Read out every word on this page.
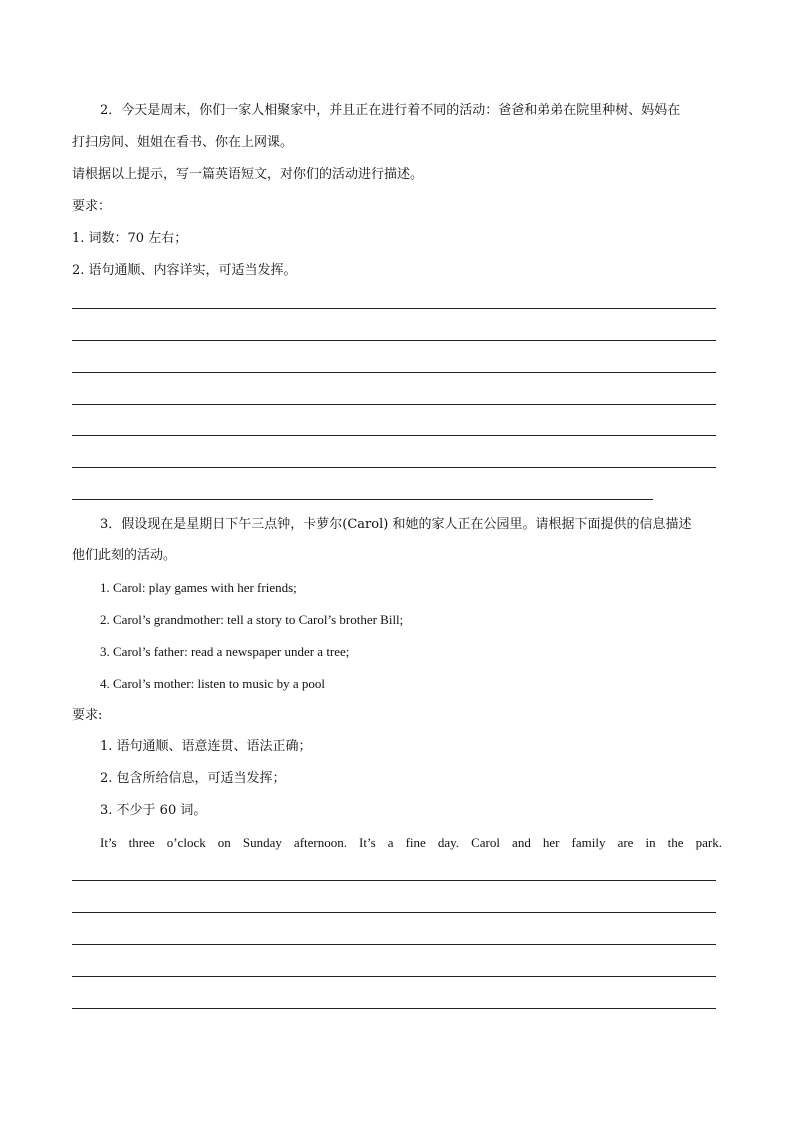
2．今天是周末，你们一家人相聚家中，并且正在进行着不同的活动：爸爸和弟弟在院里种树、妈妈在
打扫房间、姐姐在看书、你在上网课。
请根据以上提示，写一篇英语短文，对你们的活动进行描述。
要求：
1. 词数：70 左右；
2. 语句通顺、内容详实，可适当发挥。
3．假设现在是星期日下午三点钟，卡萝尔(Carol) 和她的家人正在公园里。请根据下面提供的信息描述
他们此刻的活动。
1. Carol: play games with her friends;
2. Carol’s grandmother: tell a story to Carol’s brother Bill;
3. Carol’s father: read a newspaper under a tree;
4. Carol’s mother: listen to music by a pool
要求:
1. 语句通顺、语意连贯、语法正确；
2. 包含所给信息，可适当发挥；
3. 不少于 60 词。
It’s three o’clock on Sunday afternoon. It’s a fine day. Carol and her family are in the park.
